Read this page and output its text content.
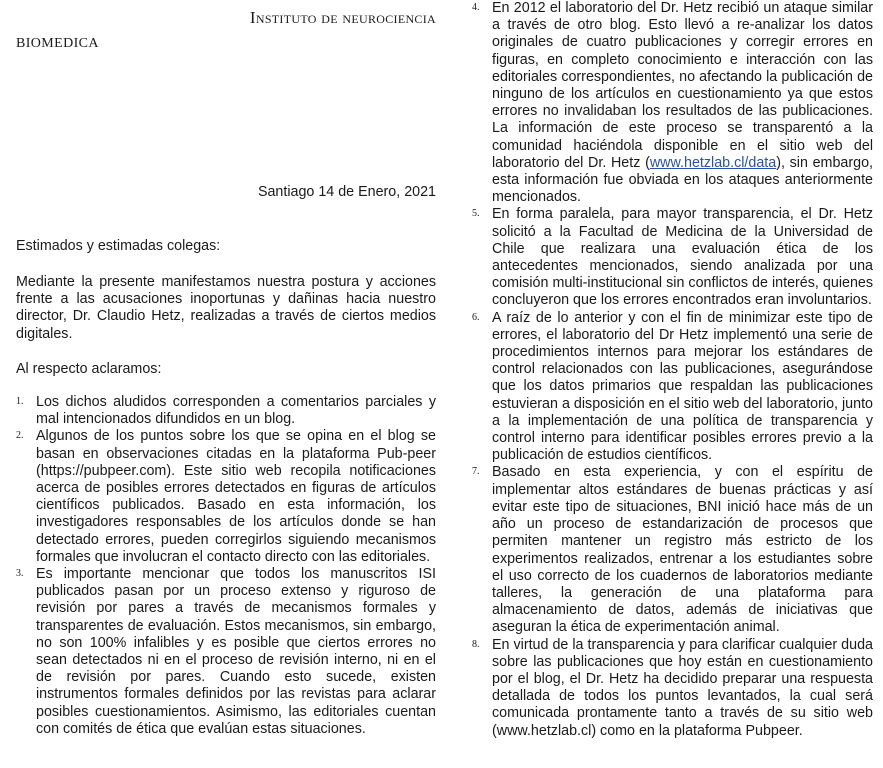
Instituto de neurociencia
BIOMEDICA
Santiago 14 de Enero, 2021

Estimados y estimadas colegas:

Mediante la presente manifestamos nuestra postura y acciones frente a las acusaciones inoportunas y dañinas hacia nuestro director, Dr. Claudio Hetz, realizadas a través de ciertos medios digitales.

Al respecto aclaramos:

1. Los dichos aludidos corresponden a comentarios parciales y mal intencionados difundidos en un blog.

2. Algunos de los puntos sobre los que se opina en el blog se basan en observaciones citadas en la plataforma Pub-peer (https://pubpeer.com). Este sitio web recopila notificaciones acerca de posibles errores detectados en figuras de artículos científicos publicados. Basado en esta información, los investigadores responsables de los artículos donde se han detectado errores, pueden corregirlos siguiendo mecanismos formales que involucran el contacto directo con las editoriales.

3. Es importante mencionar que todos los manuscritos ISI publicados pasan por un proceso extenso y riguroso de revisión por pares a través de mecanismos formales y transparentes de evaluación. Estos mecanismos, sin embargo, no son 100% infalibles y es posible que ciertos errores no sean detectados ni en el proceso de revisión interno, ni en el de revisión por pares. Cuando esto sucede, existen instrumentos formales definidos por las revistas para aclarar posibles cuestionamientos. Asimismo, las editoriales cuentan con comités de ética que evalúan estas situaciones.

4. En 2012 el laboratorio del Dr. Hetz recibió un ataque similar a través de otro blog. Esto llevó a re-analizar los datos originales de cuatro publicaciones y corregir errores en figuras, en completo conocimiento e interacción con las editoriales correspondientes, no afectando la publicación de ninguno de los artículos en cuestionamiento ya que estos errores no invalidaban los resultados de las publicaciones. La información de este proceso se transparentó a la comunidad haciéndola disponible en el sitio web del laboratorio del Dr. Hetz (www.hetzlab.cl/data), sin embargo, esta información fue obviada en los ataques anteriormente mencionados.

5. En forma paralela, para mayor transparencia, el Dr. Hetz solicitó a la Facultad de Medicina de la Universidad de Chile que realizara una evaluación ética de los antecedentes mencionados, siendo analizada por una comisión multi-institucional sin conflictos de interés, quienes concluyeron que los errores encontrados eran involuntarios.

6. A raíz de lo anterior y con el fin de minimizar este tipo de errores, el laboratorio del Dr Hetz implementó una serie de procedimientos internos para mejorar los estándares de control relacionados con las publicaciones, asegurándose que los datos primarios que respaldan las publicaciones estuvieran a disposición en el sitio web del laboratorio, junto a la implementación de una política de transparencia y control interno para identificar posibles errores previo a la publicación de estudios científicos.

7. Basado en esta experiencia, y con el espíritu de implementar altos estándares de buenas prácticas y así evitar este tipo de situaciones, BNI inició hace más de un año un proceso de estandarización de procesos que permiten mantener un registro más estricto de los experimentos realizados, entrenar a los estudiantes sobre el uso correcto de los cuadernos de laboratorios mediante talleres, la generación de una plataforma para almacenamiento de datos, además de iniciativas que aseguran la ética de experimentación animal.

8. En virtud de la transparencia y para clarificar cualquier duda sobre las publicaciones que hoy están en cuestionamiento por el blog, el Dr. Hetz ha decidido preparar una respuesta detallada de todos los puntos levantados, la cual será comunicada prontamente tanto a través de su sitio web (www.hetzlab.cl) como en la plataforma Pubpeer.
